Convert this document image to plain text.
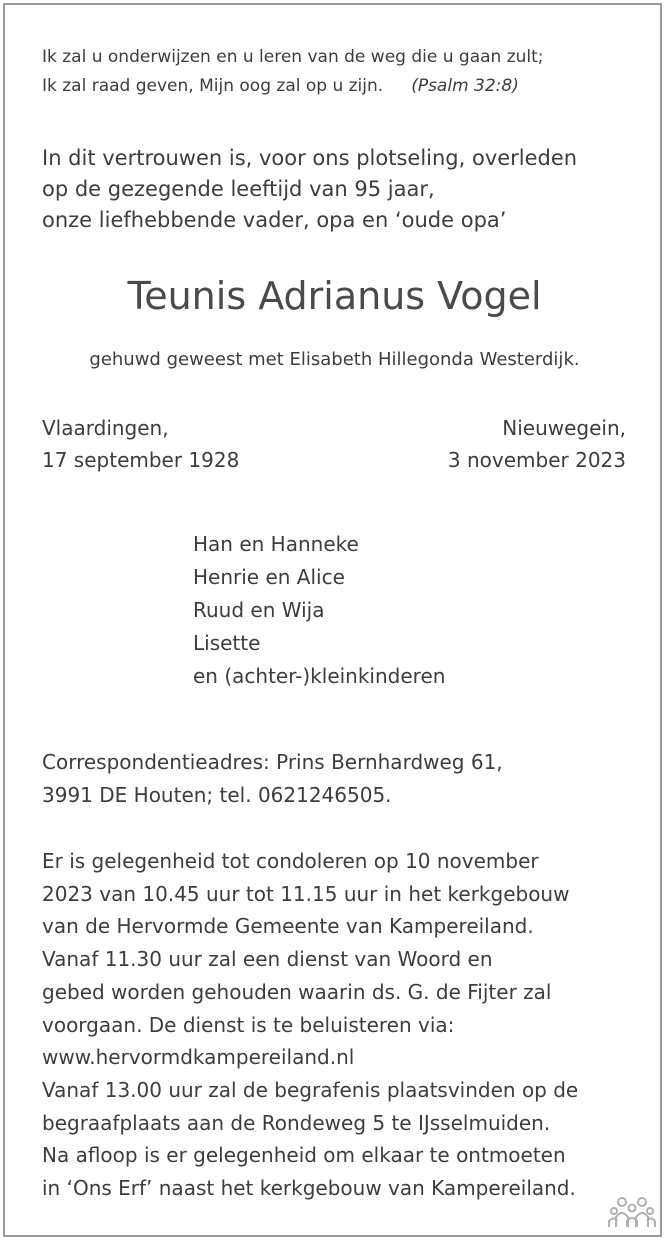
Ik zal u onderwijzen en u leren van de weg die u gaan zult;
Ik zal raad geven, Mijn oog zal op u zijn. (Psalm 32:8)
In dit vertrouwen is, voor ons plotseling, overleden
op de gezegende leeftijd van 95 jaar,
onze liefhebbende vader, opa en ‘oude opa’
Teunis Adrianus Vogel
gehuwd geweest met Elisabeth Hillegonda Westerdijk.
Vlaardingen,
17 september 1928
Nieuwegein,
3 november 2023
Han en Hanneke
Henrie en Alice
Ruud en Wija
Lisette
en (achter-)kleinkinderen
Correspondentieadres: Prins Bernhardweg 61,
3991 DE Houten; tel. 0621246505.
Er is gelegenheid tot condoleren op 10 november
2023 van 10.45 uur tot 11.15 uur in het kerkgebouw
van de Hervormde Gemeente van Kampereiland.
Vanaf 11.30 uur zal een dienst van Woord en
gebed worden gehouden waarin ds. G. de Fijter zal
voorgaan. De dienst is te beluisteren via:
www.hervormdkampereiland.nl
Vanaf 13.00 uur zal de begrafenis plaatsvinden op de
begraafplaats aan de Rondeweg 5 te IJsselmuiden.
Na afloop is er gelegenheid om elkaar te ontmoeten
in ‘Ons Erf’ naast het kerkgebouw van Kampereiland.
